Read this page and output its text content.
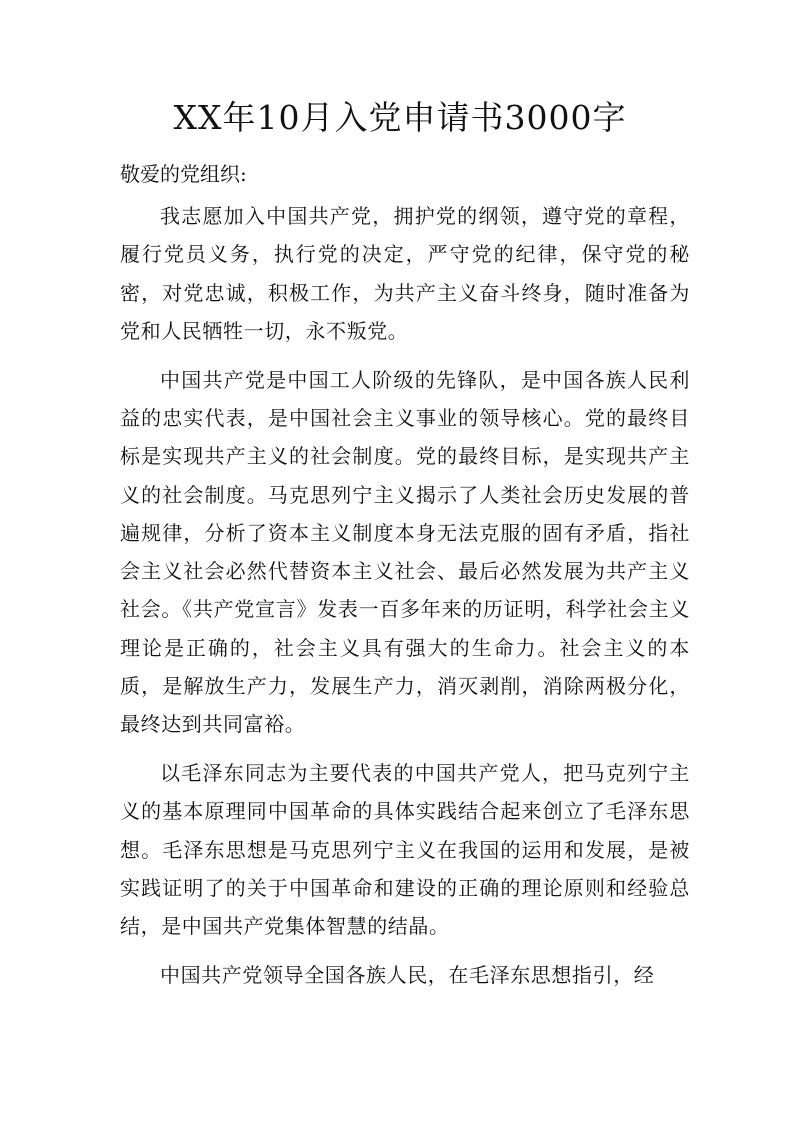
XX年10月入党申请书3000字

敬爱的党组织:

我志愿加入中国共产党，拥护党的纲领，遵守党的章程，履行党员义务，执行党的决定，严守党的纪律，保守党的秘密，对党忠诚，积极工作，为共产主义奋斗终身，随时准备为党和人民牺牲一切，永不叛党。

中国共产党是中国工人阶级的先锋队，是中国各族人民利益的忠实代表，是中国社会主义事业的领导核心。党的最终目标是实现共产主义的社会制度。党的最终目标，是实现共产主义的社会制度。马克思列宁主义揭示了人类社会历史发展的普遍规律，分析了资本主义制度本身无法克服的固有矛盾，指社会主义社会必然代替资本主义社会、最后必然发展为共产主义社会。《共产党宣言》发表一百多年来的历证明，科学社会主义理论是正确的，社会主义具有强大的生命力。社会主义的本质，是解放生产力，发展生产力，消灭剥削，消除两极分化，最终达到共同富裕。

以毛泽东同志为主要代表的中国共产党人，把马克列宁主义的基本原理同中国革命的具体实践结合起来创立了毛泽东思想。毛泽东思想是马克思列宁主义在我国的运用和发展，是被实践证明了的关于中国革命和建设的正确的理论原则和经验总结，是中国共产党集体智慧的结晶。

中国共产党领导全国各族人民，在毛泽东思想指引，经
